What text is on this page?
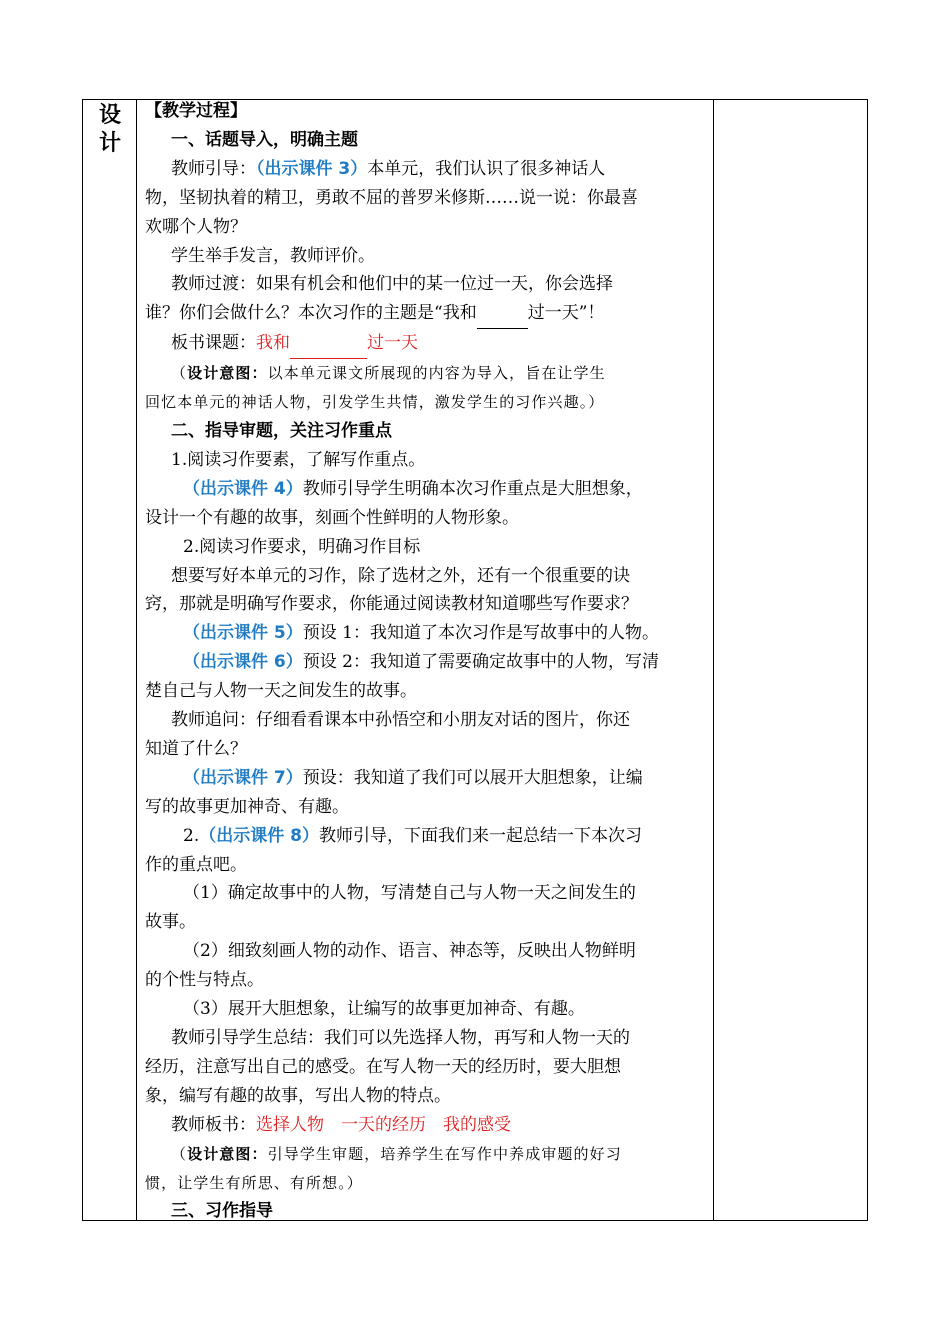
设
计

【教学过程】

一、话题导入，明确主题

教师引导：（出示课件 3）本单元，我们认识了很多神话人

物，坚韧执着的精卫，勇敢不屈的普罗米修斯……说一说：你最喜

欢哪个人物？

学生举手发言，教师评价。

教师过渡：如果有机会和他们中的某一位过一天，你会选择

谁？你们会做什么？本次习作的主题是“我和	过一天”！

板书课题：我和	过一天

（设计意图：以本单元课文所展现的内容为导入，旨在让学生

回忆本单元的神话人物，引发学生共情，激发学生的习作兴趣。）

二、指导审题，关注习作重点

1.阅读习作要素，了解写作重点。

（出示课件 4）教师引导学生明确本次习作重点是大胆想象，

设计一个有趣的故事，刻画个性鲜明的人物形象。

2.阅读习作要求，明确习作目标

想要写好本单元的习作，除了选材之外，还有一个很重要的诀

窍，那就是明确写作要求，你能通过阅读教材知道哪些写作要求？

（出示课件 5）预设 1：我知道了本次习作是写故事中的人物。

（出示课件 6）预设 2：我知道了需要确定故事中的人物，写清

楚自己与人物一天之间发生的故事。

教师追问：仔细看看课本中孙悟空和小朋友对话的图片，你还

知道了什么？

（出示课件 7）预设：我知道了我们可以展开大胆想象，让编

写的故事更加神奇、有趣。

2.（出示课件 8）教师引导，下面我们来一起总结一下本次习

作的重点吧。

（1）确定故事中的人物，写清楚自己与人物一天之间发生的

故事。

（2）细致刻画人物的动作、语言、神态等，反映出人物鲜明

的个性与特点。

（3）展开大胆想象，让编写的故事更加神奇、有趣。

教师引导学生总结：我们可以先选择人物，再写和人物一天的

经历，注意写出自己的感受。在写人物一天的经历时，要大胆想

象，编写有趣的故事，写出人物的特点。

教师板书：选择人物　一天的经历　我的感受

（设计意图：引导学生审题，培养学生在写作中养成审题的好习

惯，让学生有所思、有所想。）

三、习作指导
